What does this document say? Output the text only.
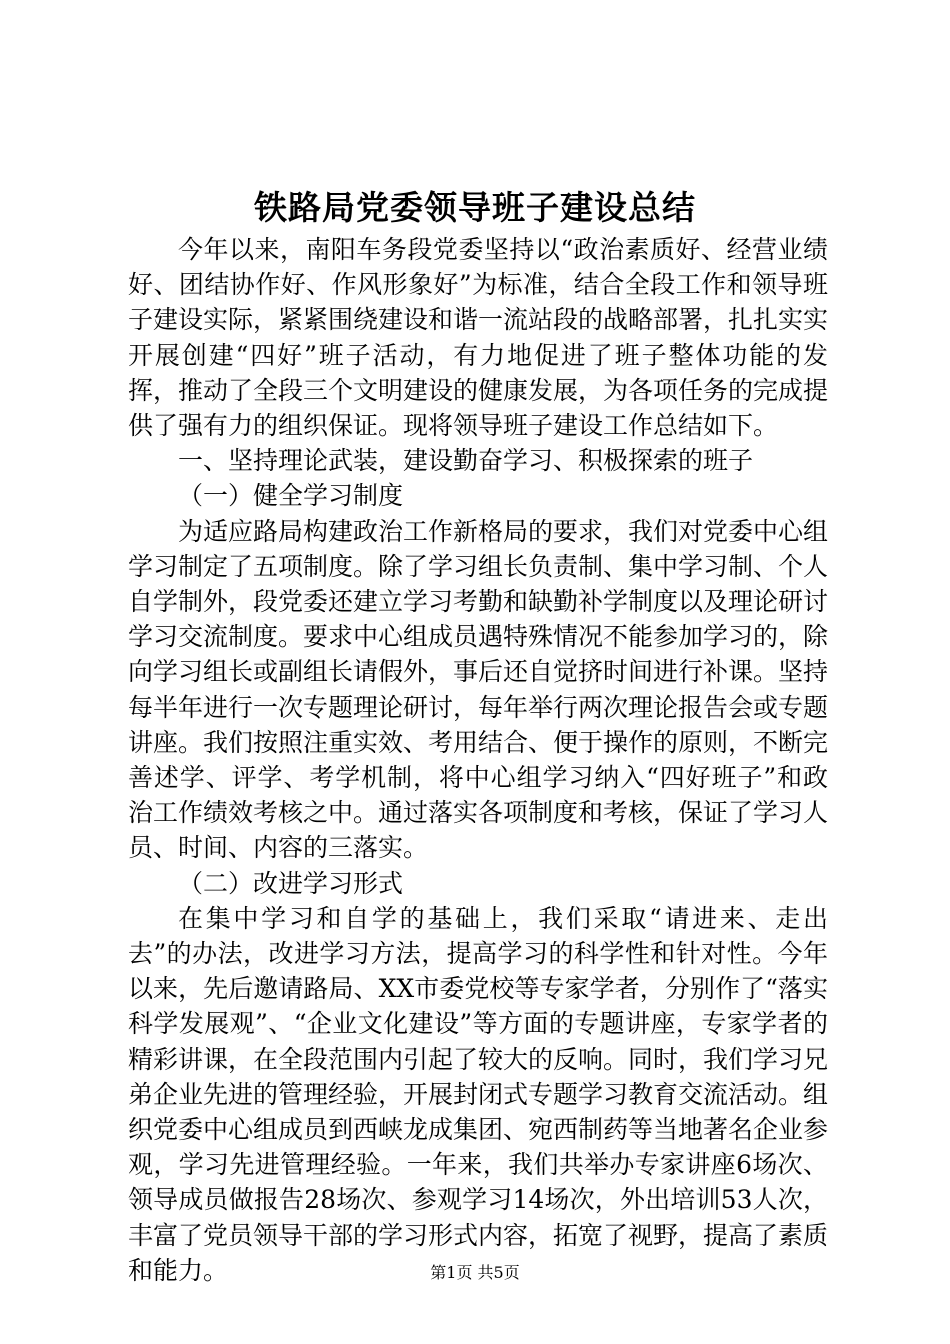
铁路局党委领导班子建设总结

今年以来，南阳车务段党委坚持以“政治素质好、经营业绩好、团结协作好、作风形象好”为标准，结合全段工作和领导班子建设实际，紧紧围绕建设和谐一流站段的战略部署，扎扎实实开展创建“四好”班子活动，有力地促进了班子整体功能的发挥，推动了全段三个文明建设的健康发展，为各项任务的完成提供了强有力的组织保证。现将领导班子建设工作总结如下。

一、坚持理论武装，建设勤奋学习、积极探索的班子

（一）健全学习制度

为适应路局构建政治工作新格局的要求，我们对党委中心组学习制定了五项制度。除了学习组长负责制、集中学习制、个人自学制外，段党委还建立学习考勤和缺勤补学制度以及理论研讨学习交流制度。要求中心组成员遇特殊情况不能参加学习的，除向学习组长或副组长请假外，事后还自觉挤时间进行补课。坚持每半年进行一次专题理论研讨，每年举行两次理论报告会或专题讲座。我们按照注重实效、考用结合、便于操作的原则，不断完善述学、评学、考学机制，将中心组学习纳入“四好班子”和政治工作绩效考核之中。通过落实各项制度和考核，保证了学习人员、时间、内容的三落实。

（二）改进学习形式

在集中学习和自学的基础上，我们采取“请进来、走出去”的办法，改进学习方法，提高学习的科学性和针对性。今年以来，先后邀请路局、XX市委党校等专家学者，分别作了“落实科学发展观”、“企业文化建设”等方面的专题讲座，专家学者的精彩讲课，在全段范围内引起了较大的反响。同时，我们学习兄弟企业先进的管理经验，开展封闭式专题学习教育交流活动。组织党委中心组成员到西峡龙成集团、宛西制药等当地著名企业参观，学习先进管理经验。一年来，我们共举办专家讲座6场次、领导成员做报告28场次、参观学习14场次，外出培训53人次，丰富了党员领导干部的学习形式内容，拓宽了视野，提高了素质和能力。	第1页 共5页
